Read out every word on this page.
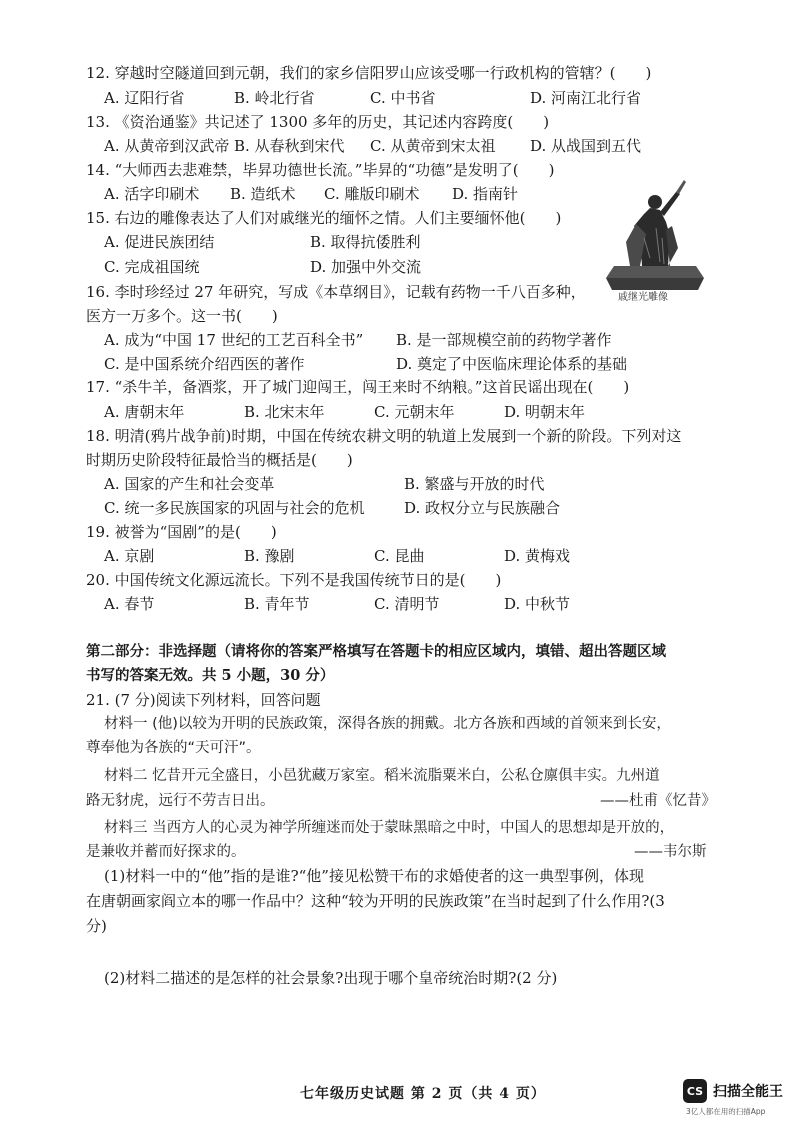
12. 穿越时空隧道回到元朝，我们的家乡信阳罗山应该受哪一行政机构的管辖？(　　)
A. 辽阳行省	B. 岭北行省	C. 中书省	D. 河南江北行省
13. 《资治通鉴》共记述了 1300 多年的历史，其记述内容跨度(　　)
A. 从黄帝到汉武帝 B. 从春秋到宋代 C. 从黄帝到宋太祖 D. 从战国到五代
14. “大师西去悲难禁，毕昇功德世长流。”毕昇的“功德”是发明了(　　)
A. 活字印刷术 B. 造纸术 C. 雕版印刷术 D. 指南针
15. 右边的雕像表达了人们对戚继光的缅怀之情。人们主要缅怀他(　　)
A. 促进民族团结	B. 取得抗倭胜利
C. 完成祖国统	D. 加强中外交流
戚继光雕像
16. 李时珍经过 27 年研究，写成《本草纲目》，记载有药物一千八百多种，
医方一万多个。这一书(　　)
A. 成为“中国 17 世纪的工艺百科全书” B. 是一部规模空前的药物学著作
C. 是中国系统介绍西医的著作	D. 奠定了中医临床理论体系的基础
17. “杀牛羊，备酒浆，开了城门迎闯王，闯王来时不纳粮。”这首民谣出现在(　　)
A. 唐朝末年	B. 北宋末年	C. 元朝末年	D. 明朝末年
18. 明清(鸦片战争前)时期，中国在传统农耕文明的轨道上发展到一个新的阶段。下列对这
时期历史阶段特征最恰当的概括是(　　)
A. 国家的产生和社会变革	B. 繁盛与开放的时代
C. 统一多民族国家的巩固与社会的危机	D. 政权分立与民族融合
19. 被誉为“国剧”的是(　　)
A. 京剧	B. 豫剧	C. 昆曲	D. 黄梅戏
20. 中国传统文化源远流长。下列不是我国传统节日的是(　　)
A. 春节	B. 青年节	C. 清明节	D. 中秋节
第二部分：非选择题（请将你的答案严格填写在答题卡的相应区域内，填错、超出答题区域
书写的答案无效。共 5 小题，30 分）
21. (7 分)阅读下列材料，回答问题
材料一 (他)以较为开明的民族政策，深得各族的拥戴。北方各族和西域的首领来到长安，
尊奉他为各族的“天可汗”。
材料二 忆昔开元全盛日，小邑犹藏万家室。稻米流脂粟米白，公私仓廪俱丰实。九州道
路无豺虎，远行不劳吉日出。	——杜甫《忆昔》
材料三 当西方人的心灵为神学所缠迷而处于蒙昧黑暗之中时，中国人的思想却是开放的，
是兼收并蓄而好探求的。	——韦尔斯
(1)材料一中的“他”指的是谁?“他”接见松赞干布的求婚使者的这一典型事例，体现
在唐朝画家阎立本的哪一作品中？这种“较为开明的民族政策”在当时起到了什么作用?(3
分)
(2)材料二描述的是怎样的社会景象?出现于哪个皇帝统治时期?(2 分)
七年级历史试题 第 2 页（共 4 页）	CS 扫描全能王
3亿人都在用的扫描App
